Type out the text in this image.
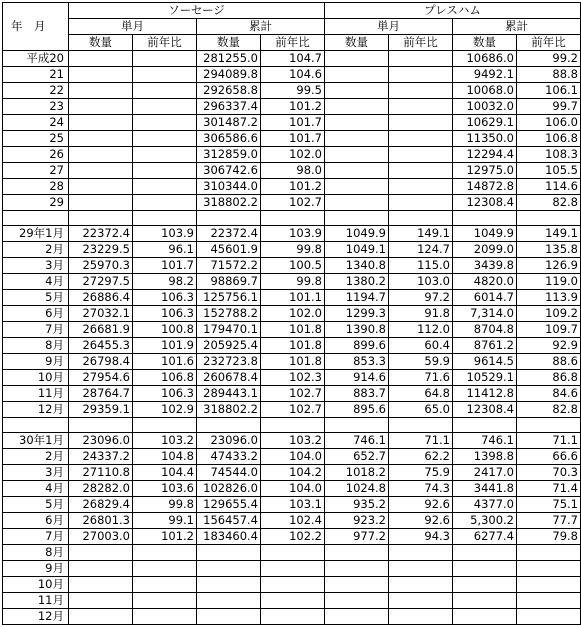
年　月	ソーセージ				プレスハム			
	単月		累計		単月		累計	
	数量	前年比	数量	前年比	数量	前年比	数量	前年比
平成20			281255.0	104.7			10686.0	99.2
21			294089.8	104.6			9492.1	88.8
22			292658.8	99.5			10068.0	106.1
23			296337.4	101.2			10032.0	99.7
24			301487.2	101.7			10629.1	106.0
25			306586.6	101.7			11350.0	106.8
26			312859.0	102.0			12294.4	108.3
27			306742.6	98.0			12975.0	105.5
28			310344.0	101.2			14872.8	114.6
29			318802.2	102.7			12308.4	82.8

29年1月	22372.4	103.9	22372.4	103.9	1049.9	149.1	1049.9	149.1
2月	23229.5	96.1	45601.9	99.8	1049.1	124.7	2099.0	135.8
3月	25970.3	101.7	71572.2	100.5	1340.8	115.0	3439.8	126.9
4月	27297.5	98.2	98869.7	99.8	1380.2	103.0	4820.0	119.0
5月	26886.4	106.3	125756.1	101.1	1194.7	97.2	6014.7	113.9
6月	27032.1	106.3	152788.2	102.0	1299.3	91.8	7,314.0	109.2
7月	26681.9	100.8	179470.1	101.8	1390.8	112.0	8704.8	109.7
8月	26455.3	101.9	205925.4	101.8	899.6	60.4	8761.2	92.9
9月	26798.4	101.6	232723.8	101.8	853.3	59.9	9614.5	88.6
10月	27954.6	106.8	260678.4	102.3	914.6	71.6	10529.1	86.8
11月	28764.7	106.3	289443.1	102.7	883.7	64.8	11412.8	84.6
12月	29359.1	102.9	318802.2	102.7	895.6	65.0	12308.4	82.8

30年1月	23096.0	103.2	23096.0	103.2	746.1	71.1	746.1	71.1
2月	24337.2	104.8	47433.2	104.0	652.7	62.2	1398.8	66.6
3月	27110.8	104.4	74544.0	104.2	1018.2	75.9	2417.0	70.3
4月	28282.0	103.6	102826.0	104.0	1024.8	74.3	3441.8	71.4
5月	26829.4	99.8	129655.4	103.1	935.2	92.6	4377.0	75.1
6月	26801.3	99.1	156457.4	102.4	923.2	92.6	5,300.2	77.7
7月	27003.0	101.2	183460.4	102.2	977.2	94.3	6277.4	79.8
8月								
9月								
10月								
11月								
12月								
